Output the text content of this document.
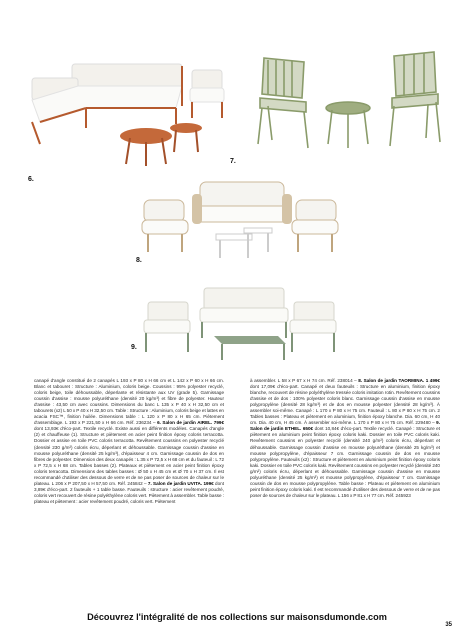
6.
7.
8.
9.
canapé d'angle constitué de 2 canapés L 193 x P 80 x H 66 cm et L 142 x P 60 x H 66 cm. Blanc et tabouret : Structure : Aluminium, coloris beige. Coussins : 95% polyester recyclé, coloris beige, toile déhoussable, déperlante et résistante aux UV (grade 5). Garnissage coussin d'assise : mousse polyuréthane (densité 20 kg/m³) et fibre de polyester. Hauteur d'assise : 43,50 cm avec coussins. Dimensions du banc L 135 x P 40 x H 32,50 cm et tabourets (x2) L 50 x P 40 x H 32,50 cm. Table : Structure : Aluminium, coloris beige et lattes en acacia FSC™, finition huilée. Dimensions table : L 120 x P 80 x H 65 cm. Piètement d'assemblage. L 193 x P 221,50 x H 66 cm. Réf. 236234 – 6. Salon de jardin AIREL. 799€ dont 13,93€ d'éco-part. Textile recyclé. Existe aussi en différents modèles. Canapés d'angle (2) et chauffeuse (1). Structure et piètement en acier peint finition époxy coloris terracotta. Dossier et assise en toile PVC coloris terracotta. Revêtement coussins en polyester recyclé (densité 230 g/m²) coloris écru, déperlant et déhoussable. Garnissage coussin d'assise en mousse polyuréthane (densité 25 kg/m³), d'épaisseur 4 cm. Garnissage coussin de dos en fibres de polyester. Dimension des deux canapés : L 35 x P 72,5 x H 68 cm et du fauteuil : L 72 x P 72,5 x H 68 cm. Tables basses (2). Plateaux et piètement en acier peint finition époxy coloris terracotta. Dimensions des tables basses : Ø 50 x H 45 cm et Ø 70 x H 37 cm. Il est recommandé d'utiliser des dessous de verre et de ne pas poser de sources de chaleur sur le plateau. L 206 x P 207,50 x H 57,50 cm. Réf. 245842 – 7. Salon de jardin UVITA. 199€ dont 3,89€ d'éco-part. 2 fauteuils + 1 table basse. Fauteuils : structure : acier revêtement poudré, coloris vert recouvert de résine polyéthylène coloris vert. Piètement à assembler. Table basse : plateau et piètement : acier revêtement poudré, coloris vert. Piètement
à assembler. L 58 x P 67 x H 74 cm. Réf. 238014 – 8. Salon de jardin TAORMINA. 1 499€ dont 17,09€ d'éco-part. Canapé et deux fauteuils : Structure en aluminium, finition époxy blanche, recouvert de résine polyéthylène tressée coloris imitation rotin. Revêtement coussins d'assise et de dos : 100% polyester coloris blanc. Garnissage coussin d'assise en mousse polypropylène (densité 28 kg/m³) et de dos en mousse polyester (densité 28 kg/m³). À assembler soi-même. Canapé : L 170 x P 80 x H 75 cm. Fauteuil : L 80 x P 80 x H 75 cm. 2 Tables basses : Plateau et piètement en aluminium, finition époxy blanche. Dia. 60 cm, H 40 cm. Dia. 40 cm, H 45 cm. À assembler soi-même. L 170 x P 80 x H 75 cm. Réf. 229480 – 9. Salon de jardin ETHEL. 650€ dont 10,84€ d'éco-part. Textile recyclé. Canapé : Structure et piètement en aluminium peint finition époxy coloris kaki. Dossier en toile PVC coloris kaki. Revêtement coussins en polyester recyclé (densité 240 g/m²) coloris écru, déperlant et déhoussable. Garnissage coussin d'assise en mousse polyuréthane (densité 25 kg/m³) et mousse polypropylène, d'épaisseur 7 cm. Garnissage coussin de dos en mousse polypropylène. Fauteuils (x2) : Structure et piètement en aluminium peint finition époxy coloris kaki. Dossier en toile PVC coloris kaki. Revêtement coussins en polyester recyclé (densité 240 g/m²) coloris écru, déperlant et déhoussable. Garnissage coussin d'assise en mousse polyuréthane (densité 25 kg/m³) et mousse polypropylène, d'épaisseur 7 cm. Garnissage coussin de dos en mousse polypropylène. Table basse : Plateau et piètement en aluminium peint finition époxy coloris kaki. Il est recommandé d'utiliser des dessous de verre et de ne pas poser de sources de chaleur sur le plateau. L 156 x P 81 x H 77 cm. Réf. 245923
Découvrez l'intégralité de nos collections sur maisonsdumonde.com
35
